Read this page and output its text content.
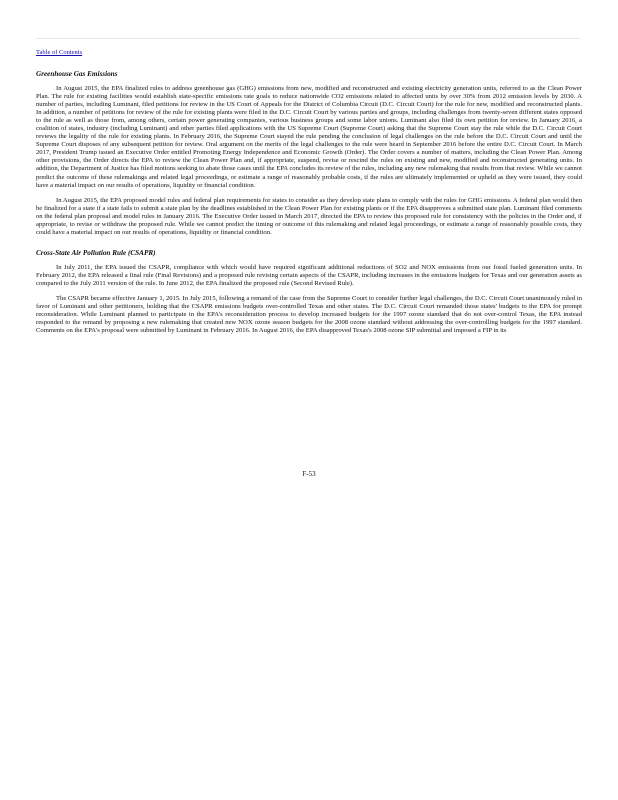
Table of Contents
Greenhouse Gas Emissions

In August 2015, the EPA finalized rules to address greenhouse gas (GHG) emissions from new, modified and reconstructed and existing electricity generation units, referred to as the Clean Power Plan. The rule for existing facilities would establish state-specific emissions rate goals to reduce nationwide CO2 emissions related to affected units by over 30% from 2012 emission levels by 2030. A number of parties, including Luminant, filed petitions for review in the US Court of Appeals for the District of Columbia Circuit (D.C. Circuit Court) for the rule for new, modified and reconstructed plants. In addition, a number of petitions for review of the rule for existing plants were filed in the D.C. Circuit Court by various parties and groups, including challenges from twenty-seven different states opposed to the rule as well as those from, among others, certain power generating companies, various business groups and some labor unions. Luminant also filed its own petition for review. In January 2016, a coalition of states, industry (including Luminant) and other parties filed applications with the US Supreme Court (Supreme Court) asking that the Supreme Court stay the rule while the D.C. Circuit Court reviews the legality of the rule for existing plants. In February 2016, the Supreme Court stayed the rule pending the conclusion of legal challenges on the rule before the D.C. Circuit Court and until the Supreme Court disposes of any subsequent petition for review. Oral argument on the merits of the legal challenges to the rule were heard in September 2016 before the entire D.C. Circuit Court. In March 2017, President Trump issued an Executive Order entitled Promoting Energy Independence and Economic Growth (Order). The Order covers a number of matters, including the Clean Power Plan. Among other provisions, the Order directs the EPA to review the Clean Power Plan and, if appropriate, suspend, revise or rescind the rules on existing and new, modified and reconstructed generating units. In addition, the Department of Justice has filed motions seeking to abate those cases until the EPA concludes its review of the rules, including any new rulemaking that results from that review. While we cannot predict the outcome of these rulemakings and related legal proceedings, or estimate a range of reasonably probable costs, if the rules are ultimately implemented or upheld as they were issued, they could have a material impact on our results of operations, liquidity or financial condition.

In August 2015, the EPA proposed model rules and federal plan requirements for states to consider as they develop state plans to comply with the rules for GHG emissions. A federal plan would then be finalized for a state if a state fails to submit a state plan by the deadlines established in the Clean Power Plan for existing plants or if the EPA disapproves a submitted state plan. Luminant filed comments on the federal plan proposal and model rules in January 2016. The Executive Order issued in March 2017, directed the EPA to review this proposed rule for consistency with the policies in the Order and, if appropriate, to revise or withdraw the proposed rule. While we cannot predict the timing or outcome of this rulemaking and related legal proceedings, or estimate a range of reasonably possible costs, they could have a material impact on our results of operations, liquidity or financial condition.

Cross-State Air Pollution Rule (CSAPR)

In July 2011, the EPA issued the CSAPR, compliance with which would have required significant additional reductions of SO2 and NOX emissions from our fossil fueled generation units. In February 2012, the EPA released a final rule (Final Revisions) and a proposed rule revising certain aspects of the CSAPR, including increases in the emissions budgets for Texas and our generation assets as compared to the July 2011 version of the rule. In June 2012, the EPA finalized the proposed rule (Second Revised Rule).

The CSAPR became effective January 1, 2015. In July 2015, following a remand of the case from the Supreme Court to consider further legal challenges, the D.C. Circuit Court unanimously ruled in favor of Luminant and other petitioners, holding that the CSAPR emissions budgets over-controlled Texas and other states. The D.C. Circuit Court remanded those states' budgets to the EPA for prompt reconsideration. While Luminant planned to participate in the EPA's reconsideration process to develop increased budgets for the 1997 ozone standard that do not over-control Texas, the EPA instead responded to the remand by proposing a new rulemaking that created new NOX ozone season budgets for the 2008 ozone standard without addressing the over-controlling budgets for the 1997 standard. Comments on the EPA's proposal were submitted by Luminant in February 2016. In August 2016, the EPA disapproved Texas's 2008 ozone SIP submittal and imposed a FIP in its

F-53
